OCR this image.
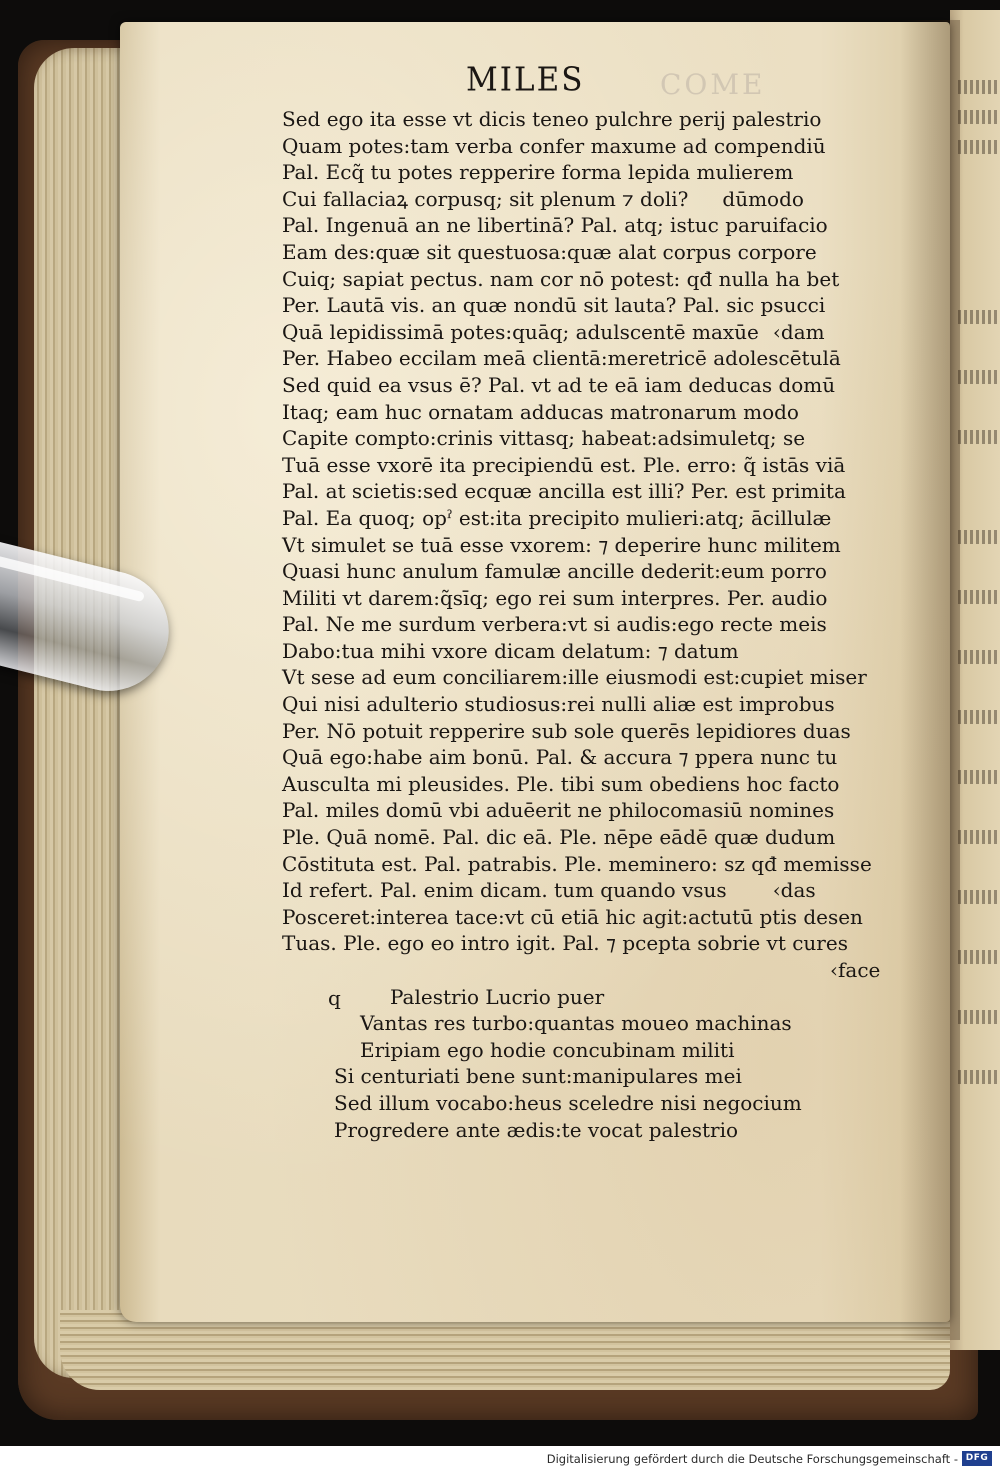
COME
MILES
Sed ego ita esse vt dicis teneo pulchre perij palestrio
Quam potes:tam verba confer maxume ad compendiū
Pal. Ecq̃ tu potes repperire forma lepida mulierem
Cui fallaciaꝝ corpusq; sit plenum ⁊ doli? dūmodo
Pal. Ingenuā an ne libertinā? Pal. atq; istuc paruifacio
Eam des:quæ sit questuosa:quæ alat corpus corpore
Cuiq; sapiat pectus. nam cor nō potest: qđ nulla ha bet
Per. Lautā vis. an quæ nondū sit lauta? Pal. sic psucci
Quā lepidissimā potes:quāq; adulscentē maxūe ‹dam
Per. Habeo eccilam meā clientā:meretricē adolescētulā
Sed quid ea vsus ē? Pal. vt ad te eā iam deducas domū
Itaq; eam huc ornatam adducas matronarum modo
Capite compto:crinis vittasq; habeat:adsimuletq; se
Tuā esse vxorē ita precipiendū est. Ple. erro: q̃ istās viā
Pal. at scietis:sed ecquæ ancilla est illi? Per. est primita
Pal. Ea quoq; opˀ est:ita precipito mulieri:atq; ācillulæ
Vt simulet se tuā esse vxorem: ⁊ deperire hunc militem
Quasi hunc anulum famulæ ancille dederit:eum porro
Militi vt darem:q̃sīq; ego rei sum interpres. Per. audio
Pal. Ne me surdum verbera:vt si audis:ego recte meis
Dabo:tua mihi vxore dicam delatum: ⁊ datum
Vt sese ad eum conciliarem:ille eiusmodi est:cupiet miser
Qui nisi adulterio studiosus:rei nulli aliæ est improbus
Per. Nō potuit repperire sub sole querēs lepidiores duas
Quā ego:habe aim bonū. Pal. & accura ⁊ ppera nunc tu
Ausculta mi pleusides. Ple. tibi sum obediens hoc facto
Pal. miles domū vbi aduēerit ne philocomasiū nomines
Ple. Quā nomē. Pal. dic eā. Ple. nēpe eādē quæ dudum
Cōstituta est. Pal. patrabis. Ple. meminero: sz qđ memisse
Id refert. Pal. enim dicam. tum quando vsus ‹das
Posceret:interea tace:vt cū etiā hic agit:actutū ptis desen
Tuas. Ple. ego eo intro igit. Pal. ⁊ pcepta sobrie vt cures
‹face
Palestrio Lucrio puer
Vantas res turbo:quantas moueo machinas
Eripiam ego hodie concubinam militi
Si centuriati bene sunt:manipulares mei
Sed illum vocabo:heus sceledre nisi negocium
Progredere ante ædis:te vocat palestrio
q
Digitalisierung gefördert durch die Deutsche Forschungsgemeinschaft - DFG
